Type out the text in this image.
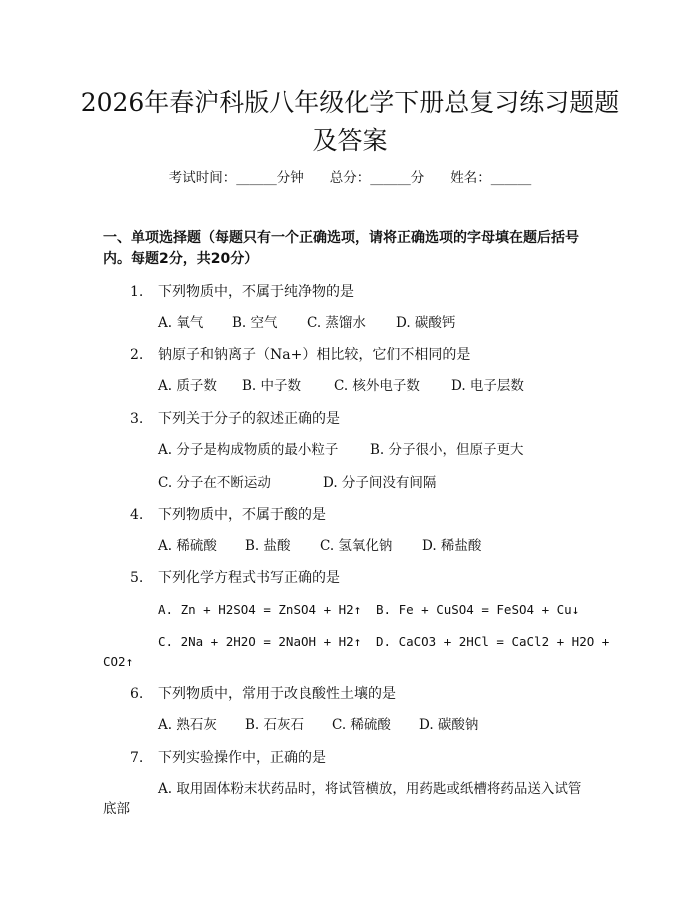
2026年春沪科版八年级化学下册总复习练习题题及答案
考试时间：______分钟 总分：______分 姓名：______

一、单项选择题（每题只有一个正确选项，请将正确选项的字母填在题后括号
内。每题2分，共20分）

1. 下列物质中，不属于纯净物的是
A. 氧气 B. 空气 C. 蒸馏水 D. 碳酸钙
2. 钠原子和钠离子（Na+）相比较，它们不相同的是
A. 质子数 B. 中子数 C. 核外电子数 D. 电子层数
3. 下列关于分子的叙述正确的是
A. 分子是构成物质的最小粒子 B. 分子很小，但原子更大
C. 分子在不断运动	D. 分子间没有间隔
4. 下列物质中，不属于酸的是
A. 稀硫酸 B. 盐酸 C. 氢氧化钠 D. 稀盐酸
5. 下列化学方程式书写正确的是
A. Zn + H2SO4 = ZnSO4 + H2↑ B. Fe + CuSO4 = FeSO4 + Cu↓
C. 2Na + 2H2O = 2NaOH + H2↑ D. CaCO3 + 2HCl = CaCl2 + H2O +
CO2↑
6. 下列物质中，常用于改良酸性土壤的是
A. 熟石灰 B. 石灰石 C. 稀硫酸 D. 碳酸钠
7. 下列实验操作中，正确的是
A. 取用固体粉末状药品时，将试管横放，用药匙或纸槽将药品送入试管
底部
